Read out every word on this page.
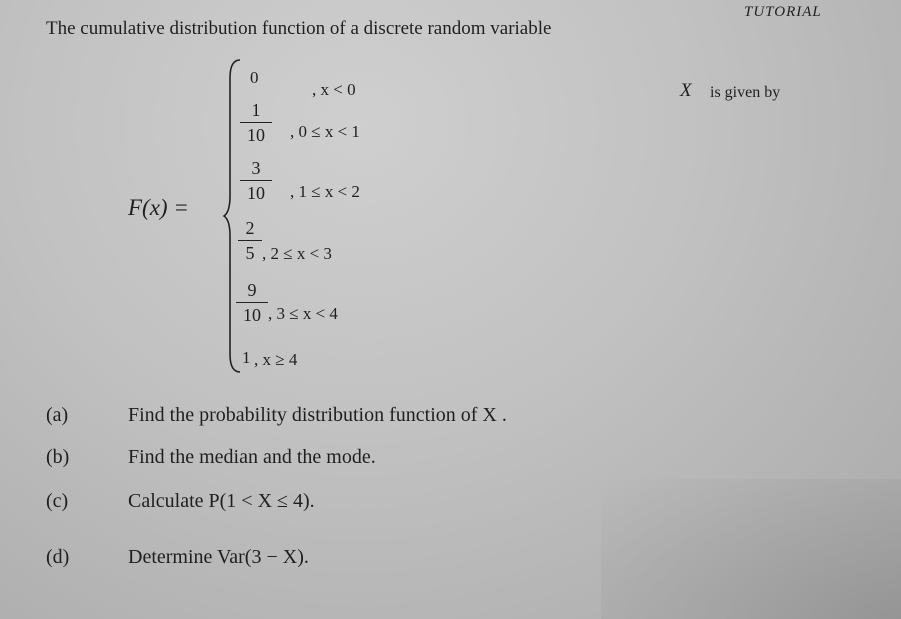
TUTORIAL
The cumulative distribution function of a discrete random variable
X is given by
F(x) =
0
, x < 0
1
10	, 0 ≤ x < 1
3
10	, 1 ≤ x < 2
2
5 , 2 ≤ x < 3
9
10 , 3 ≤ x < 4
1 , x ≥ 4
(a)	Find the probability distribution function of X .
(b)	Find the median and the mode.
(c)	Calculate P(1 < X ≤ 4).
(d)	Determine Var(3 − X).
